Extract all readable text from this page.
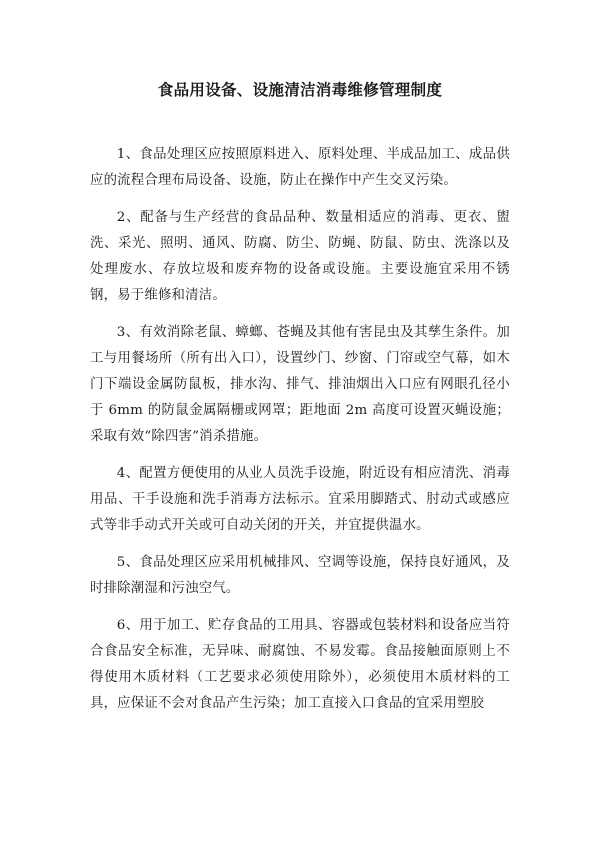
食品用设备、设施清洁消毒维修管理制度

1、食品处理区应按照原料进入、原料处理、半成品加工、成品供应的流程合理布局设备、设施，防止在操作中产生交叉污染。

2、配备与生产经营的食品品种、数量相适应的消毒、更衣、盥洗、采光、照明、通风、防腐、防尘、防蝇、防鼠、防虫、洗涤以及处理废水、存放垃圾和废弃物的设备或设施。主要设施宜采用不锈钢，易于维修和清洁。

3、有效消除老鼠、蟑螂、苍蝇及其他有害昆虫及其孳生条件。加工与用餐场所（所有出入口），设置纱门、纱窗、门帘或空气幕，如木门下端设金属防鼠板，排水沟、排气、排油烟出入口应有网眼孔径小于 6mm 的防鼠金属隔栅或网罩；距地面 2m 高度可设置灭蝇设施；采取有效“除四害”消杀措施。

4、配置方便使用的从业人员洗手设施，附近设有相应清洗、消毒用品、干手设施和洗手消毒方法标示。宜采用脚踏式、肘动式或感应式等非手动式开关或可自动关闭的开关，并宜提供温水。

5、食品处理区应采用机械排风、空调等设施，保持良好通风，及时排除潮湿和污浊空气。

6、用于加工、贮存食品的工用具、容器或包装材料和设备应当符合食品安全标准，无异味、耐腐蚀、不易发霉。食品接触面原则上不得使用木质材料（工艺要求必须使用除外），必须使用木质材料的工具，应保证不会对食品产生污染；加工直接入口食品的宜采用塑胶
